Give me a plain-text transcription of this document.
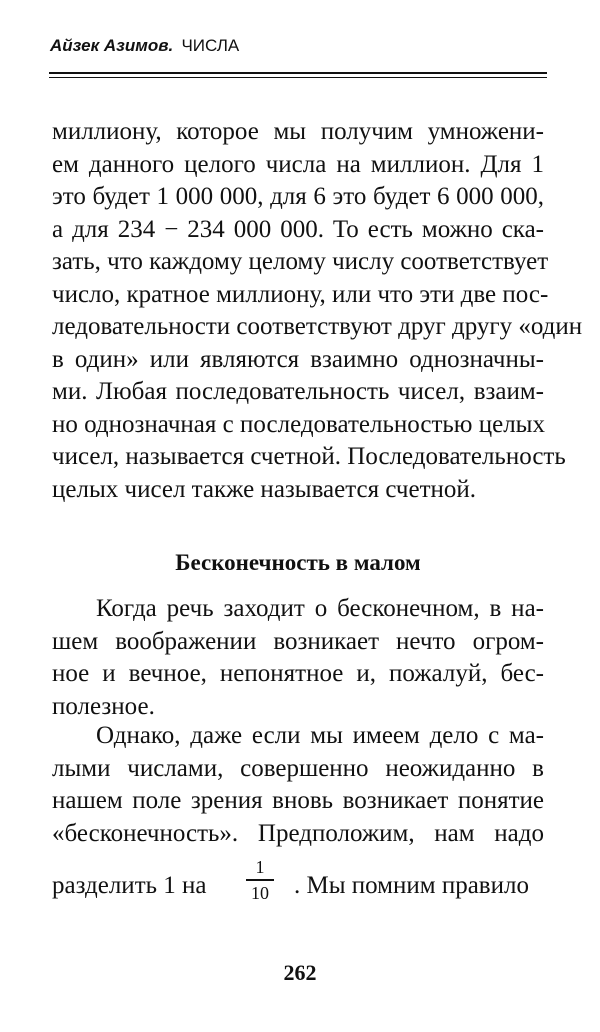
Айзек Азимов. ЧИСЛА
миллиону, которое мы получим умножени-
ем данного целого числа на миллион. Для 1
это будет 1 000 000, для 6 это будет 6 000 000,
а для 234 − 234 000 000. То есть можно ска-
зать, что каждому целому числу соответствует
число, кратное миллиону, или что эти две пос-
ледовательности соответствуют друг другу «один
в один» или являются взаимно однозначны-
ми. Любая последовательность чисел, взаим-
но однозначная с последовательностью целых
чисел, называется счетной. Последовательность
целых чисел также называется счетной.
Бесконечность в малом
Когда речь заходит о бесконечном, в на-
шем воображении возникает нечто огром-
ное и вечное, непонятное и, пожалуй, бес-
полезное.
Однако, даже если мы имеем дело с ма-
лыми числами, совершенно неожиданно в
нашем поле зрения вновь возникает понятие
«бесконечность». Предположим, нам надо
разделить 1 на
1
10	. Мы помним правило
262
